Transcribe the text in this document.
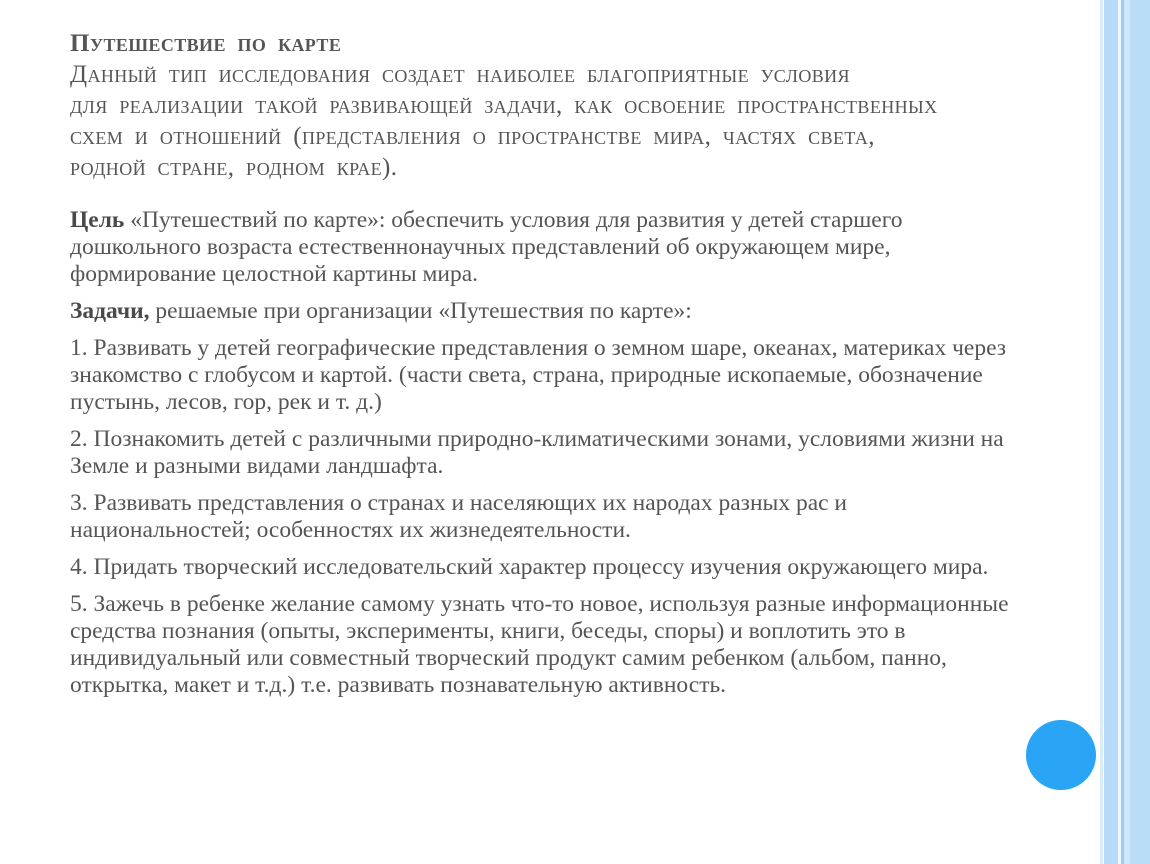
Путешествие по карте

Данный тип исследования создает наиболее благоприятные условия

для реализации такой развивающей задачи, как освоение пространственных

схем и отношений (представления о пространстве мира, частях света,

родной стране, родном крае).

Цель «Путешествий по карте»: обеспечить условия для развития у детей старшего дошкольного возраста естественнонаучных представлений об окружающем мире, формирование целостной картины мира.

Задачи, решаемые при организации «Путешествия по карте»:

1. Развивать у детей географические представления о земном шаре, океанах, материках через знакомство с глобусом и картой. (части света, страна, природные ископаемые, обозначение пустынь, лесов, гор, рек и т. д.)

2. Познакомить детей с различными природно-климатическими зонами, условиями жизни на Земле и разными видами ландшафта.

3. Развивать представления о странах и населяющих их народах разных рас и национальностей; особенностях их жизнедеятельности.

4. Придать творческий исследовательский характер процессу изучения окружающего мира.

5. Зажечь в ребенке желание самому узнать что-то новое, используя разные информационные средства познания (опыты, эксперименты, книги, беседы, споры) и воплотить это в индивидуальный или совместный творческий продукт самим ребенком (альбом, панно, открытка, макет и т.д.) т.е. развивать познавательную активность.
